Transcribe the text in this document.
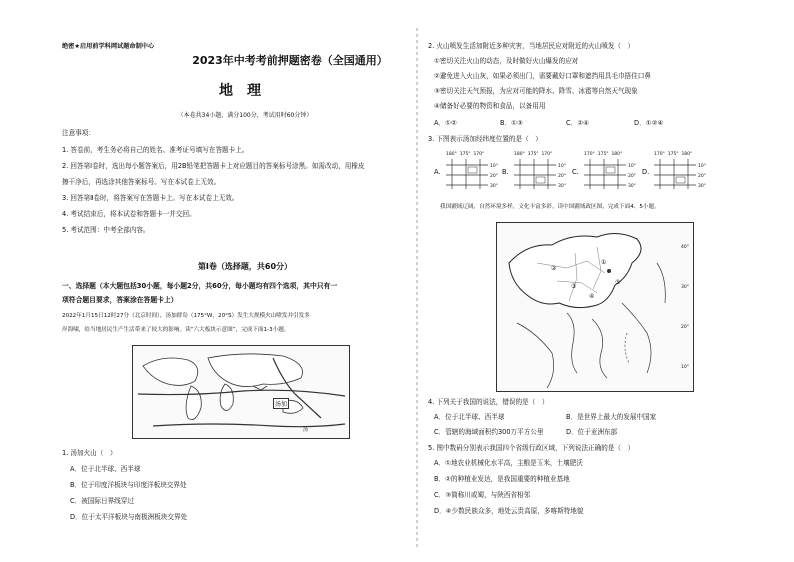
绝密★启用前学科网试题命制中心
2023年中考考前押题密卷（全国通用）
地　理
（本卷共34小题，满分100分，考试用时60分钟）
注意事项：
1. 答卷前，考生务必将自己的姓名、准考证号填写在答题卡上。
2. 回答第Ⅰ卷时，选出每小题答案后，用2B铅笔把答题卡上对应题目的答案标号涂黑。如需改动，用橡皮
擦干净后，再选涂其他答案标号。写在本试卷上无效。
3. 回答第Ⅱ卷时，将答案写在答题卡上。写在本试卷上无效。
4. 考试结束后，将本试卷和答题卡一并交回。
5. 考试范围：中考全部内容。
第Ⅰ卷（选择题，共60分）
一、选择题（本大题包括30小题，每小题2分，共60分，每小题均有四个选项，其中只有一
项符合题目要求，答案涂在答题卡上）
2022年1月15日12时27分（北京时间），汤加群岛（175°W，20°S）发生大规模火山喷发并引发多
岸海啸，给当地居民生产生活带来了较大的影响。读“六大板块示意图”，完成下面1-3小题。
汤加
汤
1. 汤加火山（　）
A．位于北半球、西半球
B．位于印度洋板块与印度洋板块交界处
C．被国际日界线穿过
D．位于太平洋板块与南极洲板块交界处
2. 火山喷发生活加附近多种灾害，当地居民应对附近的火山喷发（　）
①密切关注火山的动态，及时做好火山爆发的应对
②避免进入火山灰，如果必须出门，需要戴好口罩和遮挡用具毛巾捂住口鼻
③密切关注天气预报，为应对可能的降水、降雪、冰雹等自然天气现象
④储备好必要的物资和食品，以备用用
A．①②	B．①③	C．②④	D．①②④
3. 下图表示汤加经纬度位置的是（　）
A.
180° 175° 170°
10°
20°
30°
B.
180° 175° 170°
10°
20°
30°
C.
170° 175° 180°
10°
20°
30°
D.
170° 175° 180°
10°
20°
30°
我国疆域辽阔，自然环境多样，文化丰富多彩。读中国疆域政区图，完成下面4、5小题。
①
②
③
④
⑤
40°
30°
20°
10°
4. 下列关于我国的说法，错误的是（　）
A．位于北半球、西半球	B．是世界上最大的发展中国家
C．管辖的海域面积约300万平方公里	D．位于亚洲东部
5. 图中数码分别表示我国四个省级行政区域，下列说法正确的是（　）
A．①地农业机械化水平高，主粮是玉米，土壤肥沃
B．②的种植业发达，是我国重要的种植业基地
C．③简称川或蜀，与陕西省相邻
D．④少数民族众多，地处云贵高原，多喀斯特地貌
